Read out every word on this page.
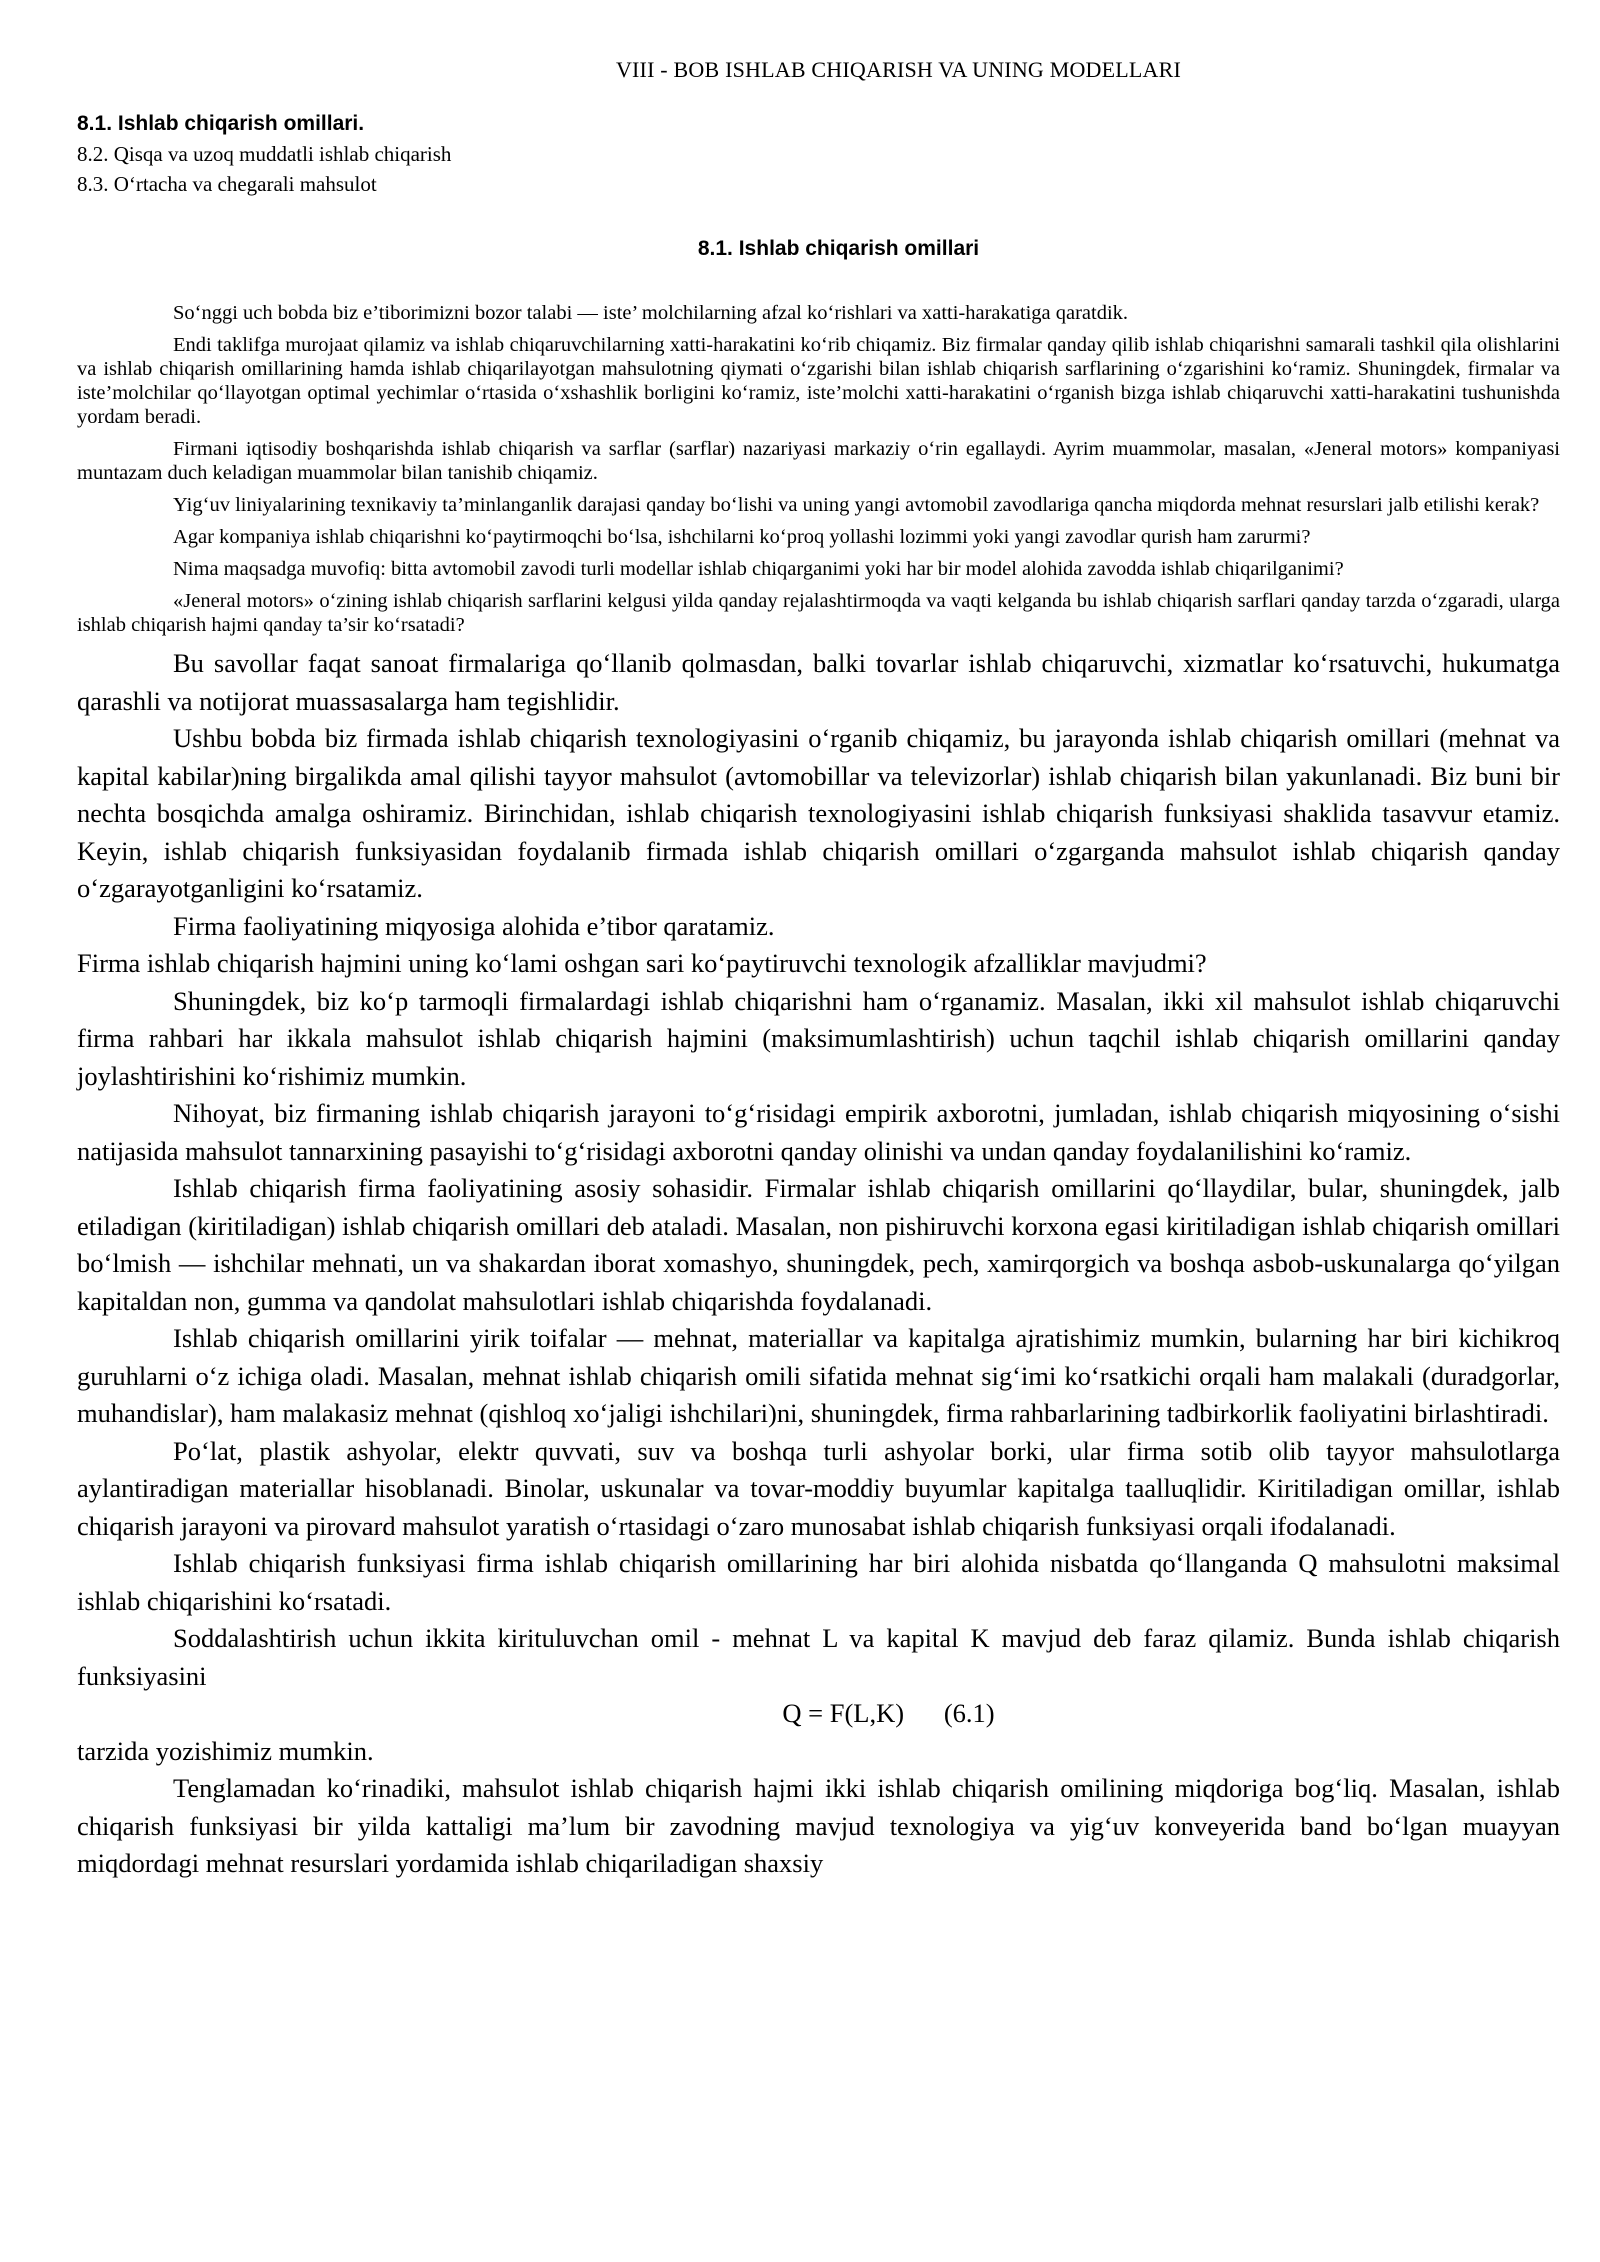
VIII - BOB ISHLAB CHIQARISH VA UNING MODELLARI
8.1. Ishlab chiqarish omillari.
8.2. Qisqa va uzoq muddatli ishlab chiqarish
8.3. O‘rtacha va chegarali mahsulot
8.1. Ishlab chiqarish omillari

So‘nggi uch bobda biz e’tiborimizni bozor talabi — iste’ molchilarning afzal ko‘rishlari va xatti-harakatiga qaratdik.

Endi taklifga murojaat qilamiz va ishlab chiqaruvchilarning xatti-harakatini ko‘rib chiqamiz. Biz firmalar qanday qilib ishlab chiqarishni samarali tashkil qila olishlarini va ishlab chiqarish omillarining hamda ishlab chiqarilayotgan mahsulotning qiymati o‘zgarishi bilan ishlab chiqarish sarflarining o‘zgarishini ko‘ramiz. Shuningdek, firmalar va iste’molchilar qo‘llayotgan optimal yechimlar o‘rtasida o‘xshashlik borligini ko‘ramiz, iste’molchi xatti-harakatini o‘rganish bizga ishlab chiqaruvchi xatti-harakatini tushunishda yordam beradi.

Firmani iqtisodiy boshqarishda ishlab chiqarish va sarflar (sarflar) nazariyasi markaziy o‘rin egallaydi. Ayrim muammolar, masalan, «Jeneral motors» kompaniyasi muntazam duch keladigan muammolar bilan tanishib chiqamiz.

Yig‘uv liniyalarining texnikaviy ta’minlanganlik darajasi qanday bo‘lishi va uning yangi avtomobil zavodlariga qancha miqdorda mehnat resurslari jalb etilishi kerak?

Agar kompaniya ishlab chiqarishni ko‘paytirmoqchi bo‘lsa, ishchilarni ko‘proq yollashi lozimmi yoki yangi zavodlar qurish ham zarurmi?

Nima maqsadga muvofiq: bitta avtomobil zavodi turli modellar ishlab chiqarganimi yoki har bir model alohida zavodda ishlab chiqarilganimi?

«Jeneral motors» o‘zining ishlab chiqarish sarflarini kelgusi yilda qanday rejalashtirmoqda va vaqti kelganda bu ishlab chiqarish sarflari qanday tarzda o‘zgaradi, ularga ishlab chiqarish hajmi qanday ta’sir ko‘rsatadi?

Bu savollar faqat sanoat firmalariga qo‘llanib qolmasdan, balki tovarlar ishlab chiqaruvchi, xizmatlar ko‘rsatuvchi, hukumatga qarashli va notijorat muassasalarga ham tegishlidir.

Ushbu bobda biz firmada ishlab chiqarish texnologiyasini o‘rganib chiqamiz, bu jarayonda ishlab chiqarish omillari (mehnat va kapital kabilar)ning birgalikda amal qilishi tayyor mahsulot (avtomobillar va televizorlar) ishlab chiqarish bilan yakunlanadi. Biz buni bir nechta bosqichda amalga oshiramiz. Birinchidan, ishlab chiqarish texnologiyasini ishlab chiqarish funksiyasi shaklida tasavvur etamiz. Keyin, ishlab chiqarish funksiyasidan foydalanib firmada ishlab chiqarish omillari o‘zgarganda mahsulot ishlab chiqarish qanday o‘zgarayotganligini ko‘rsatamiz.

Firma faoliyatining miqyosiga alohida e’tibor qaratamiz.

Firma ishlab chiqarish hajmini uning ko‘lami oshgan sari ko‘paytiruvchi texnologik afzalliklar mavjudmi?

Shuningdek, biz ko‘p tarmoqli firmalardagi ishlab chiqarishni ham o‘rganamiz. Masalan, ikki xil mahsulot ishlab chiqaruvchi firma rahbari har ikkala mahsulot ishlab chiqarish hajmini (maksimumlashtirish) uchun taqchil ishlab chiqarish omillarini qanday joylashtirishini ko‘rishimiz mumkin.

Nihoyat, biz firmaning ishlab chiqarish jarayoni to‘g‘risidagi empirik axborotni, jumladan, ishlab chiqarish miqyosining o‘sishi natijasida mahsulot tannarxining pasayishi to‘g‘risidagi axborotni qanday olinishi va undan qanday foydalanilishini ko‘ramiz.

Ishlab chiqarish firma faoliyatining asosiy sohasidir. Firmalar ishlab chiqarish omillarini qo‘llaydilar, bular, shuningdek, jalb etiladigan (kiritiladigan) ishlab chiqarish omillari deb ataladi. Masalan, non pishiruvchi korxona egasi kiritiladigan ishlab chiqarish omillari bo‘lmish — ishchilar mehnati, un va shakardan iborat xomashyo, shuningdek, pech, xamirqorgich va boshqa asbob-uskunalarga qo‘yilgan kapitaldan non, gumma va qandolat mahsulotlari ishlab chiqarishda foydalanadi.

Ishlab chiqarish omillarini yirik toifalar — mehnat, materiallar va kapitalga ajratishimiz mumkin, bularning har biri kichikroq guruhlarni o‘z ichiga oladi. Masalan, mehnat ishlab chiqarish omili sifatida mehnat sig‘imi ko‘rsatkichi orqali ham malakali (duradgorlar, muhandislar), ham malakasiz mehnat (qishloq xo‘jaligi ishchilari)ni, shuningdek, firma rahbarlarining tadbirkorlik faoliyatini birlashtiradi.

Po‘lat, plastik ashyolar, elektr quvvati, suv va boshqa turli ashyolar borki, ular firma sotib olib tayyor mahsulotlarga aylantiradigan materiallar hisoblanadi. Binolar, uskunalar va tovar-moddiy buyumlar kapitalga taalluqlidir. Kiritiladigan omillar, ishlab chiqarish jarayoni va pirovard mahsulot yaratish o‘rtasidagi o‘zaro munosabat ishlab chiqarish funksiyasi orqali ifodalanadi.

Ishlab chiqarish funksiyasi firma ishlab chiqarish omillarining har biri alohida nisbatda qo‘llanganda Q mahsulotni maksimal ishlab chiqarishini ko‘rsatadi.

Soddalashtirish uchun ikkita kirituluvchan omil - mehnat L va kapital K mavjud deb faraz qilamiz. Bunda ishlab chiqarish funksiyasini

Q = F(L,K) (6.1)

tarzida yozishimiz mumkin.

Tenglamadan ko‘rinadiki, mahsulot ishlab chiqarish hajmi ikki ishlab chiqarish omilining miqdoriga bog‘liq. Masalan, ishlab chiqarish funksiyasi bir yilda kattaligi ma’lum bir zavodning mavjud texnologiya va yig‘uv konveyerida band bo‘lgan muayyan miqdordagi mehnat resurslari yordamida ishlab chiqariladigan shaxsiy
